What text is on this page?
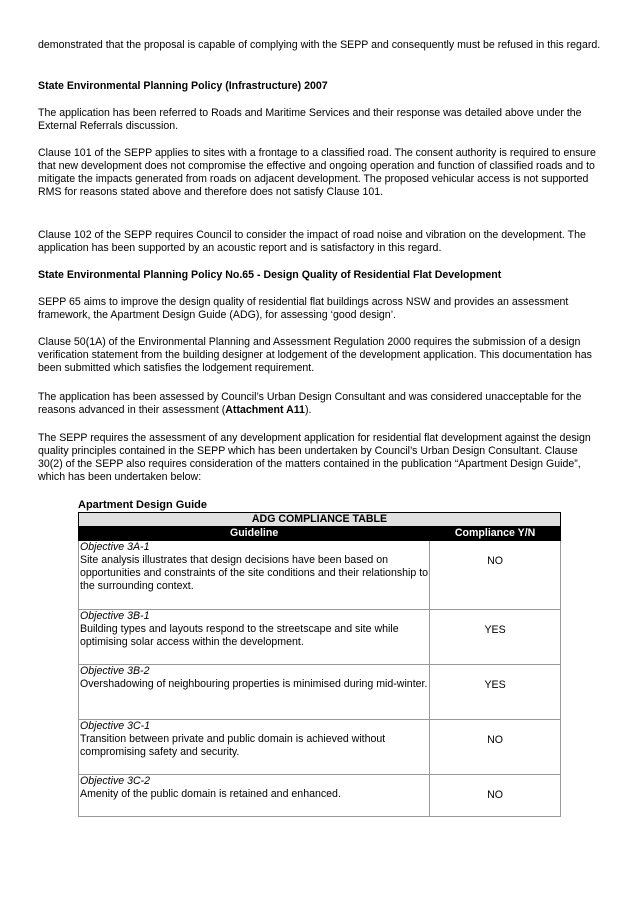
demonstrated that the proposal is capable of complying with the SEPP and consequently must be refused in this regard.

State Environmental Planning Policy (Infrastructure) 2007

The application has been referred to Roads and Maritime Services and their response was detailed above under the External Referrals discussion.

Clause 101 of the SEPP applies to sites with a frontage to a classified road. The consent authority is required to ensure that new development does not compromise the effective and ongoing operation and function of classified roads and to mitigate the impacts generated from roads on adjacent development. The proposed vehicular access is not supported RMS for reasons stated above and therefore does not satisfy Clause 101.

Clause 102 of the SEPP requires Council to consider the impact of road noise and vibration on the development. The application has been supported by an acoustic report and is satisfactory in this regard.

State Environmental Planning Policy No.65 - Design Quality of Residential Flat Development

SEPP 65 aims to improve the design quality of residential flat buildings across NSW and provides an assessment framework, the Apartment Design Guide (ADG), for assessing ‘good design’.

Clause 50(1A) of the Environmental Planning and Assessment Regulation 2000 requires the submission of a design verification statement from the building designer at lodgement of the development application. This documentation has been submitted which satisfies the lodgement requirement.

The application has been assessed by Council’s Urban Design Consultant and was considered unacceptable for the reasons advanced in their assessment (Attachment A11).

The SEPP requires the assessment of any development application for residential flat development against the design quality principles contained in the SEPP which has been undertaken by Council’s Urban Design Consultant. Clause 30(2) of the SEPP also requires consideration of the matters contained in the publication “Apartment Design Guide”, which has been undertaken below:

Apartment Design Guide
ADG COMPLIANCE TABLE	
Guideline	Compliance Y/N

Objective 3A-1
Site analysis illustrates that design decisions have been based on opportunities and constraints of the site conditions and their relationship to the surrounding context.	NO

Objective 3B-1
Building types and layouts respond to the streetscape and site while optimising solar access within the development.	YES

Objective 3B-2
Overshadowing of neighbouring properties is minimised during mid-winter.	YES

Objective 3C-1
Transition between private and public domain is achieved without compromising safety and security.	NO

Objective 3C-2
Amenity of the public domain is retained and enhanced.	NO
